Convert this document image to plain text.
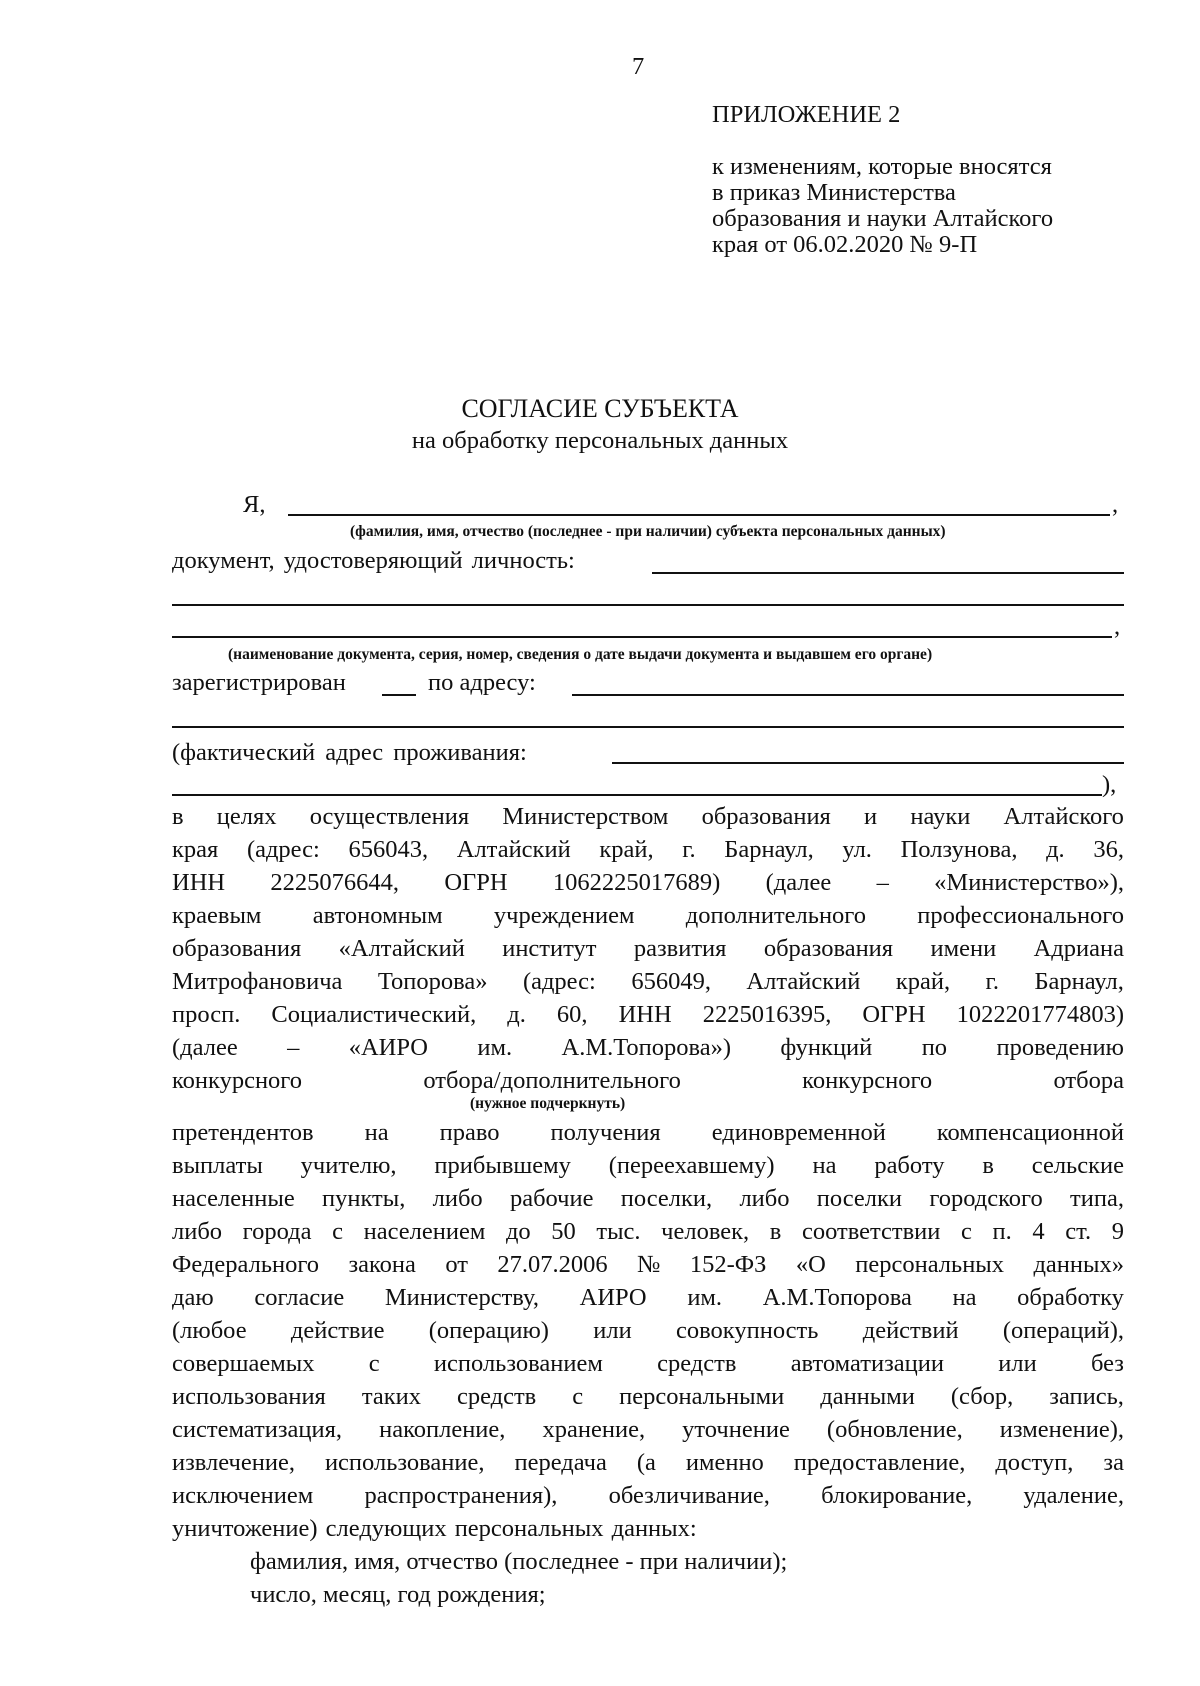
7

ПРИЛОЖЕНИЕ 2

к изменениям, которые вносятся

в приказ Министерства

образования и науки Алтайского

края от 06.02.2020 № 9-П

СОГЛАСИЕ СУБЪЕКТА

на обработку персональных данных

Я,	,

(фамилия, имя, отчество (последнее - при наличии) субъекта персональных данных)

документ, удостоверяющий личность:

,

(наименование документа, серия, номер, сведения о дате выдачи документа и выдавшем его органе)

зарегистрирован	по адресу:

(фактический адрес проживания:

),

в целях осуществления Министерством образования и науки Алтайского

края (адрес: 656043, Алтайский край, г. Барнаул, ул. Ползунова, д. 36,

ИНН 2225076644, ОГРН 1062225017689) (далее – «Министерство»),

краевым автономным учреждением дополнительного профессионального

образования «Алтайский институт развития образования имени Адриана

Митрофановича Топорова» (адрес: 656049, Алтайский край, г. Барнаул,

просп. Социалистический, д. 60, ИНН 2225016395, ОГРН 1022201774803)

(далее – «АИРО им. А.М.Топорова») функций по проведению

конкурсного	отбора/дополнительного	конкурсного	отбора

(нужное подчеркнуть)

претендентов на право получения единовременной компенсационной

выплаты учителю, прибывшему (переехавшему) на работу в сельские

населенные пункты, либо рабочие поселки, либо поселки городского типа,

либо города с населением до 50 тыс. человек, в соответствии с п. 4 ст. 9

Федерального закона от 27.07.2006 № 152-ФЗ «О персональных данных»

даю согласие Министерству, АИРО им. А.М.Топорова на обработку

(любое действие (операцию) или совокупность действий (операций),

совершаемых с использованием средств автоматизации или без

использования таких средств с персональными данными (сбор, запись,

систематизация, накопление, хранение, уточнение (обновление, изменение),

извлечение, использование, передача (а именно предоставление, доступ, за

исключением распространения), обезличивание, блокирование, удаление,

уничтожение) следующих персональных данных:

фамилия, имя, отчество (последнее - при наличии);

число, месяц, год рождения;
